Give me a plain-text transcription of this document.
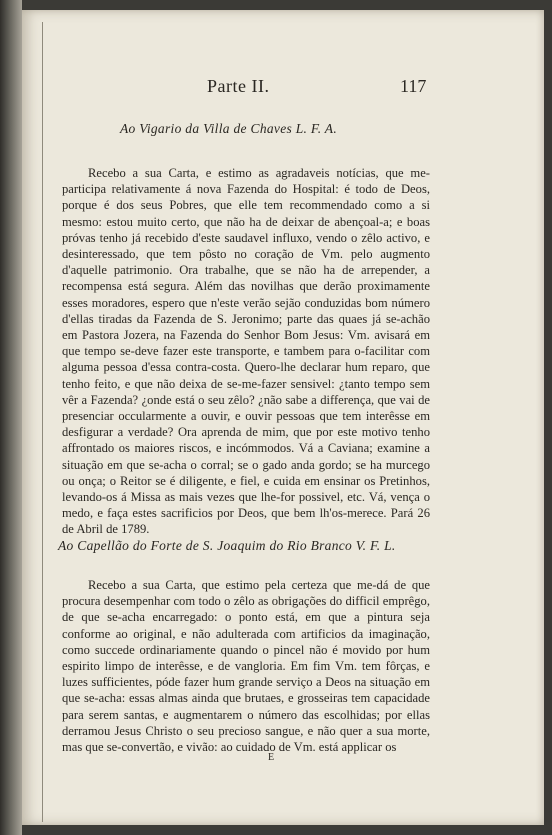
Parte II.	117
Ao Vigario da Villa de Chaves L. F. A.

Recebo a sua Carta, e estimo as agradaveis notícias, que me-participa relativamente á nova Fazenda do Hospital: é todo de Deos, porque é dos seus Pobres, que elle tem recommendado como a si mesmo: estou muito certo, que não ha de deixar de abençoal-a; e boas próvas tenho já recebido d'este saudavel influxo, vendo o zêlo activo, e desinteressado, que tem pôsto no coração de Vm. pelo augmento d'aquelle patrimonio. Ora trabalhe, que se não ha de arrepender, a recompensa está segura. Além das novilhas que derão proximamente esses moradores, espero que n'este verão sejão conduzidas bom número d'ellas tiradas da Fazenda de S. Jeronimo; parte das quaes já se-achão em Pastora Jozera, na Fazenda do Senhor Bom Jesus: Vm. avisará em que tempo se-deve fazer este transporte, e tambem para o-facilitar com alguma pessoa d'essa contra-costa. Quero-lhe declarar hum reparo, que tenho feito, e que não deixa de se-me-fazer sensivel: ¿tanto tempo sem vêr a Fazenda? ¿onde está o seu zêlo? ¿não sabe a differença, que vai de presenciar occularmente a ouvir, e ouvir pessoas que tem interêsse em desfigurar a verdade? Ora aprenda de mim, que por este motivo tenho affrontado os maiores riscos, e incómmodos. Vá a Caviana; examine a situação em que se-acha o corral; se o gado anda gordo; se ha murcego ou onça; o Reitor se é diligente, e fiel, e cuida em ensinar os Pretinhos, levando-os á Missa as mais vezes que lhe-for possivel, etc. Vá, vença o medo, e faça estes sacrificios por Deos, que bem lh'os-merece. Pará 26 de Abril de 1789.

Ao Capellão do Forte de S. Joaquim do Rio Branco V. F. L.

Recebo a sua Carta, que estimo pela certeza que me-dá de que procura desempenhar com todo o zêlo as obrigações do difficil emprêgo, de que se-acha encarregado: o ponto está, em que a pintura seja conforme ao original, e não adulterada com artificios da imaginação, como succede ordinariamente quando o pincel não é movido por hum espirito limpo de interêsse, e de vangloria. Em fim Vm. tem fôrças, e luzes sufficientes, póde fazer hum grande serviço a Deos na situação em que se-acha: essas almas ainda que brutaes, e grosseiras tem capacidade para serem santas, e augmentarem o número das escolhidas; por ellas derramou Jesus Christo o seu precioso sangue, e não quer a sua morte, mas que se-convertão, e vivão: ao cuidado de Vm. está applicar os

E
